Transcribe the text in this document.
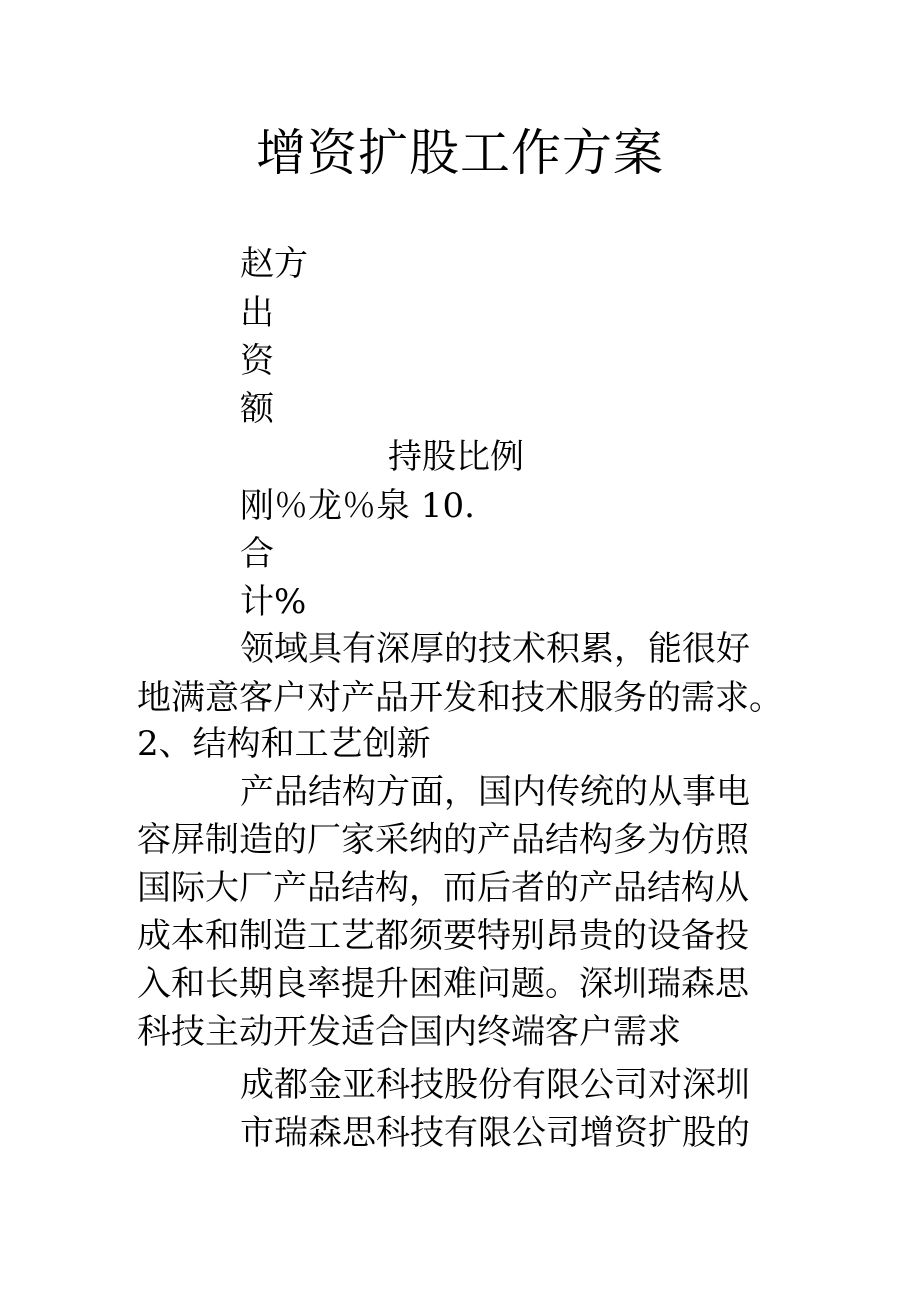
增资扩股工作方案
赵方
出
资
额
持股比例
刚％龙％泉 10.
合
计%
领域具有深厚的技术积累，能很好
地满意客户对产品开发和技术服务的需求。
2、结构和工艺创新
产品结构方面，国内传统的从事电
容屏制造的厂家采纳的产品结构多为仿照
国际大厂产品结构，而后者的产品结构从
成本和制造工艺都须要特别昂贵的设备投
入和长期良率提升困难问题。深圳瑞森思
科技主动开发适合国内终端客户需求
成都金亚科技股份有限公司对深圳
市瑞森思科技有限公司增资扩股的
